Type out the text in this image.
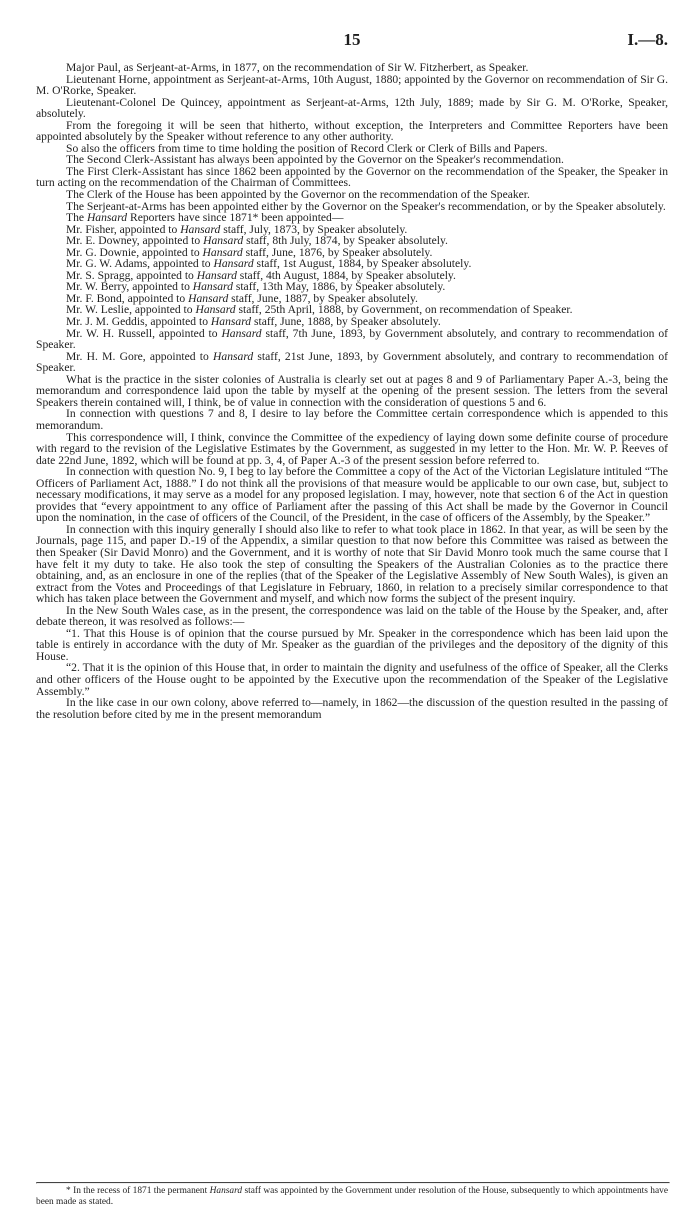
15	I.—8.

Major Paul, as Serjeant-at-Arms, in 1877, on the recommendation of Sir W. Fitzherbert, as Speaker.

Lieutenant Horne, appointment as Serjeant-at-Arms, 10th August, 1880; appointed by the Governor on recommendation of Sir G. M. O'Rorke, Speaker.

Lieutenant-Colonel De Quincey, appointment as Serjeant-at-Arms, 12th July, 1889; made by Sir G. M. O'Rorke, Speaker, absolutely.

From the foregoing it will be seen that hitherto, without exception, the Interpreters and Committee Reporters have been appointed absolutely by the Speaker without reference to any other authority.

So also the officers from time to time holding the position of Record Clerk or Clerk of Bills and Papers.

The Second Clerk-Assistant has always been appointed by the Governor on the Speaker's recommendation.

The First Clerk-Assistant has since 1862 been appointed by the Governor on the recommendation of the Speaker, the Speaker in turn acting on the recommendation of the Chairman of Committees.

The Clerk of the House has been appointed by the Governor on the recommendation of the Speaker.

The Serjeant-at-Arms has been appointed either by the Governor on the Speaker's recommendation, or by the Speaker absolutely.

The Hansard Reporters have since 1871* been appointed—

Mr. Fisher, appointed to Hansard staff, July, 1873, by Speaker absolutely.

Mr. E. Downey, appointed to Hansard staff, 8th July, 1874, by Speaker absolutely.

Mr. G. Downie, appointed to Hansard staff, June, 1876, by Speaker absolutely.

Mr. G. W. Adams, appointed to Hansard staff, 1st August, 1884, by Speaker absolutely.

Mr. S. Spragg, appointed to Hansard staff, 4th August, 1884, by Speaker absolutely.

Mr. W. Berry, appointed to Hansard staff, 13th May, 1886, by Speaker absolutely.

Mr. F. Bond, appointed to Hansard staff, June, 1887, by Speaker absolutely.

Mr. W. Leslie, appointed to Hansard staff, 25th April, 1888, by Government, on recommendation of Speaker.

Mr. J. M. Geddis, appointed to Hansard staff, June, 1888, by Speaker absolutely.

Mr. W. H. Russell, appointed to Hansard staff, 7th June, 1893, by Government absolutely, and contrary to recommendation of Speaker.

Mr. H. M. Gore, appointed to Hansard staff, 21st June, 1893, by Government absolutely, and contrary to recommendation of Speaker.

What is the practice in the sister colonies of Australia is clearly set out at pages 8 and 9 of Parliamentary Paper A.-3, being the memorandum and correspondence laid upon the table by myself at the opening of the present session. The letters from the several Speakers therein contained will, I think, be of value in connection with the consideration of questions 5 and 6.

In connection with questions 7 and 8, I desire to lay before the Committee certain correspondence which is appended to this memorandum.

This correspondence will, I think, convince the Committee of the expediency of laying down some definite course of procedure with regard to the revision of the Legislative Estimates by the Government, as suggested in my letter to the Hon. Mr. W. P. Reeves of date 22nd June, 1892, which will be found at pp. 3, 4, of Paper A.-3 of the present session before referred to.

In connection with question No. 9, I beg to lay before the Committee a copy of the Act of the Victorian Legislature intituled “The Officers of Parliament Act, 1888.” I do not think all the provisions of that measure would be applicable to our own case, but, subject to necessary modifications, it may serve as a model for any proposed legislation. I may, however, note that section 6 of the Act in question provides that “every appointment to any office of Parliament after the passing of this Act shall be made by the Governor in Council upon the nomination, in the case of officers of the Council, of the President, in the case of officers of the Assembly, by the Speaker.”

In connection with this inquiry generally I should also like to refer to what took place in 1862. In that year, as will be seen by the Journals, page 115, and paper D.-19 of the Appendix, a similar question to that now before this Committee was raised as between the then Speaker (Sir David Monro) and the Government, and it is worthy of note that Sir David Monro took much the same course that I have felt it my duty to take. He also took the step of consulting the Speakers of the Australian Colonies as to the practice there obtaining, and, as an enclosure in one of the replies (that of the Speaker of the Legislative Assembly of New South Wales), is given an extract from the Votes and Proceedings of that Legislature in February, 1860, in relation to a precisely similar correspondence to that which has taken place between the Government and myself, and which now forms the subject of the present inquiry.

In the New South Wales case, as in the present, the correspondence was laid on the table of the House by the Speaker, and, after debate thereon, it was resolved as follows:—

“1. That this House is of opinion that the course pursued by Mr. Speaker in the correspondence which has been laid upon the table is entirely in accordance with the duty of Mr. Speaker as the guardian of the privileges and the depository of the dignity of this House.

“2. That it is the opinion of this House that, in order to maintain the dignity and usefulness of the office of Speaker, all the Clerks and other officers of the House ought to be appointed by the Executive upon the recommendation of the Speaker of the Legislative Assembly.”

In the like case in our own colony, above referred to—namely, in 1862—the discussion of the question resulted in the passing of the resolution before cited by me in the present memorandum

* In the recess of 1871 the permanent Hansard staff was appointed by the Government under resolution of the House, subsequently to which appointments have been made as stated.
